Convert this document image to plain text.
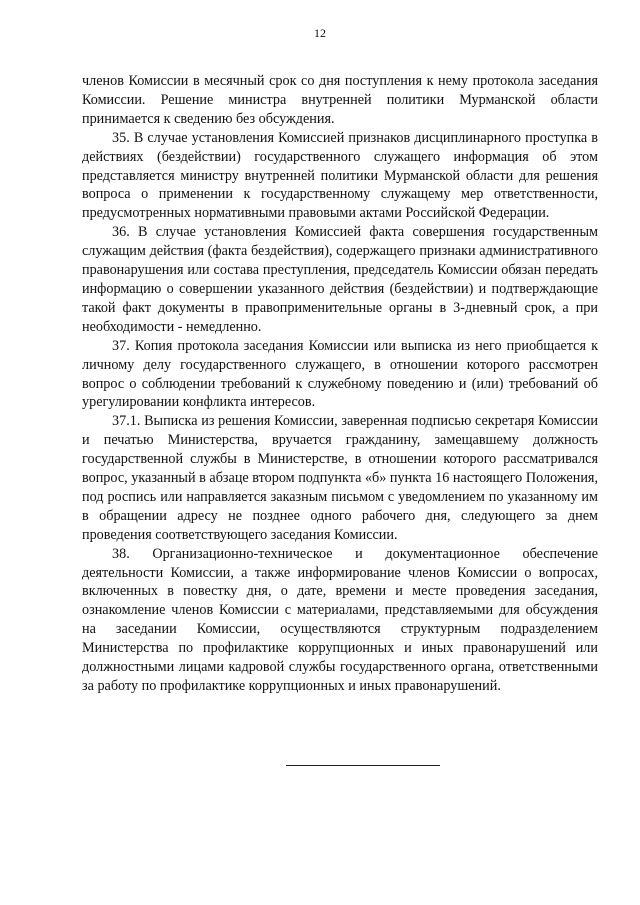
12

членов Комиссии в месячный срок со дня поступления к нему протокола заседания Комиссии. Решение министра внутренней политики Мурманской области принимается к сведению без обсуждения.

35. В случае установления Комиссией признаков дисциплинарного проступка в действиях (бездействии) государственного служащего информация об этом представляется министру внутренней политики Мурманской области для решения вопроса о применении к государственному служащему мер ответственности, предусмотренных нормативными правовыми актами Российской Федерации.

36. В случае установления Комиссией факта совершения государственным служащим действия (факта бездействия), содержащего признаки административного правонарушения или состава преступления, председатель Комиссии обязан передать информацию о совершении указанного действия (бездействии) и подтверждающие такой факт документы в правоприменительные органы в 3-дневный срок, а при необходимости - немедленно.

37. Копия протокола заседания Комиссии или выписка из него приобщается к личному делу государственного служащего, в отношении которого рассмотрен вопрос о соблюдении требований к служебному поведению и (или) требований об урегулировании конфликта интересов.

37.1. Выписка из решения Комиссии, заверенная подписью секретаря Комиссии и печатью Министерства, вручается гражданину, замещавшему должность государственной службы в Министерстве, в отношении которого рассматривался вопрос, указанный в абзаце втором подпункта «б» пункта 16 настоящего Положения, под роспись или направляется заказным письмом с уведомлением по указанному им в обращении адресу не позднее одного рабочего дня, следующего за днем проведения соответствующего заседания Комиссии.

38. Организационно-техническое и документационное обеспечение деятельности Комиссии, а также информирование членов Комиссии о вопросах, включенных в повестку дня, о дате, времени и месте проведения заседания, ознакомление членов Комиссии с материалами, представляемыми для обсуждения на заседании Комиссии, осуществляются структурным подразделением Министерства по профилактике коррупционных и иных правонарушений или должностными лицами кадровой службы государственного органа, ответственными за работу по профилактике коррупционных и иных правонарушений.
